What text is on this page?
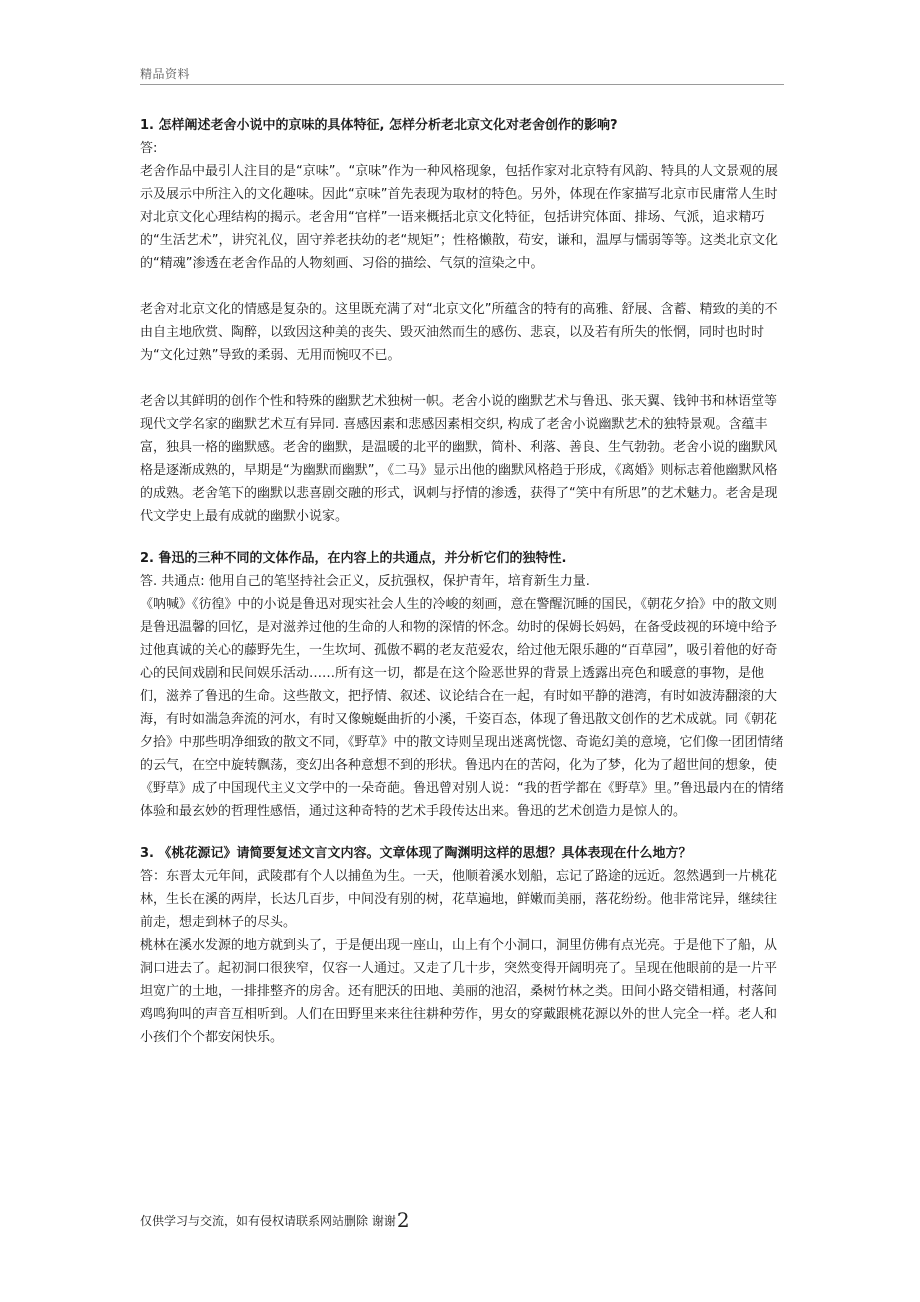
精品资料

1. 怎样阐述老舍小说中的京味的具体特征, 怎样分析老北京文化对老舍创作的影响?

答:

老舍作品中最引人注目的是“京味”。“京味”作为一种风格现象，包括作家对北京特有风韵、特具的人文景观的展示及展示中所注入的文化趣味。因此“京味”首先表现为取材的特色。另外，体现在作家描写北京市民庸常人生时对北京文化心理结构的揭示。老舍用“官样”一语来概括北京文化特征，包括讲究体面、排场、气派，追求精巧的“生活艺术”，讲究礼仪，固守养老扶幼的老“规矩”；性格懒散，苟安，谦和，温厚与懦弱等等。这类北京文化的“精魂”渗透在老舍作品的人物刻画、习俗的描绘、气氛的渲染之中。

老舍对北京文化的情感是复杂的。这里既充满了对“北京文化”所蕴含的特有的高雅、舒展、含蓄、精致的美的不由自主地欣赏、陶醉，以致因这种美的丧失、毁灭油然而生的感伤、悲哀，以及若有所失的怅惘，同时也时时为“文化过熟”导致的柔弱、无用而惋叹不已。

老舍以其鲜明的创作个性和特殊的幽默艺术独树一帜。老舍小说的幽默艺术与鲁迅、张天翼、钱钟书和林语堂等现代文学名家的幽默艺术互有异同. 喜感因素和悲感因素相交织, 构成了老舍小说幽默艺术的独特景观。含蕴丰富，独具一格的幽默感。老舍的幽默，是温暖的北平的幽默，简朴、利落、善良、生气勃勃。老舍小说的幽默风格是逐渐成熟的，早期是“为幽默而幽默”，《二马》显示出他的幽默风格趋于形成，《离婚》则标志着他幽默风格的成熟。老舍笔下的幽默以悲喜剧交融的形式，讽刺与抒情的渗透，获得了“笑中有所思”的艺术魅力。老舍是现代文学史上最有成就的幽默小说家。

2. 鲁迅的三种不同的文体作品，在内容上的共通点，并分析它们的独特性.

答. 共通点: 他用自己的笔坚持社会正义，反抗强权，保护青年，培育新生力量.

《呐喊》《彷徨》中的小说是鲁迅对现实社会人生的冷峻的刻画，意在警醒沉睡的国民，《朝花夕拾》中的散文则是鲁迅温馨的回忆，是对滋养过他的生命的人和物的深情的怀念。幼时的保姆长妈妈，在备受歧视的环境中给予过他真诚的关心的藤野先生，一生坎坷、孤傲不羁的老友范爱农，给过他无限乐趣的“百草园”，吸引着他的好奇心的民间戏剧和民间娱乐活动……所有这一切，都是在这个险恶世界的背景上透露出亮色和暖意的事物，是他们，滋养了鲁迅的生命。这些散文，把抒情、叙述、议论结合在一起，有时如平静的港湾，有时如波涛翻滚的大海，有时如湍急奔流的河水，有时又像蜿蜒曲折的小溪，千姿百态，体现了鲁迅散文创作的艺术成就。同《朝花夕拾》中那些明净细致的散文不同，《野草》中的散文诗则呈现出迷离恍惚、奇诡幻美的意境，它们像一团团情绪的云气，在空中旋转飘荡，变幻出各种意想不到的形状。鲁迅内在的苦闷，化为了梦，化为了超世间的想象，使《野草》成了中国现代主义文学中的一朵奇葩。鲁迅曾对别人说：“我的哲学都在《野草》里。”鲁迅最内在的情绪体验和最玄妙的哲理性感悟，通过这种奇特的艺术手段传达出来。鲁迅的艺术创造力是惊人的。

3. 《桃花源记》请简要复述文言文内容。文章体现了陶渊明这样的思想？具体表现在什么地方？

答：东晋太元年间，武陵郡有个人以捕鱼为生。一天，他顺着溪水划船，忘记了路途的远近。忽然遇到一片桃花林，生长在溪的两岸，长达几百步，中间没有别的树，花草遍地，鲜嫩而美丽，落花纷纷。他非常诧异，继续往前走，想走到林子的尽头。

桃林在溪水发源的地方就到头了，于是便出现一座山，山上有个小洞口，洞里仿佛有点光亮。于是他下了船，从洞口进去了。起初洞口很狭窄，仅容一人通过。又走了几十步，突然变得开阔明亮了。呈现在他眼前的是一片平坦宽广的土地，一排排整齐的房舍。还有肥沃的田地、美丽的池沼，桑树竹林之类。田间小路交错相通，村落间鸡鸣狗叫的声音互相听到。人们在田野里来来往往耕种劳作，男女的穿戴跟桃花源以外的世人完全一样。老人和小孩们个个都安闲快乐。

仅供学习与交流，如有侵权请联系网站删除 谢谢2
